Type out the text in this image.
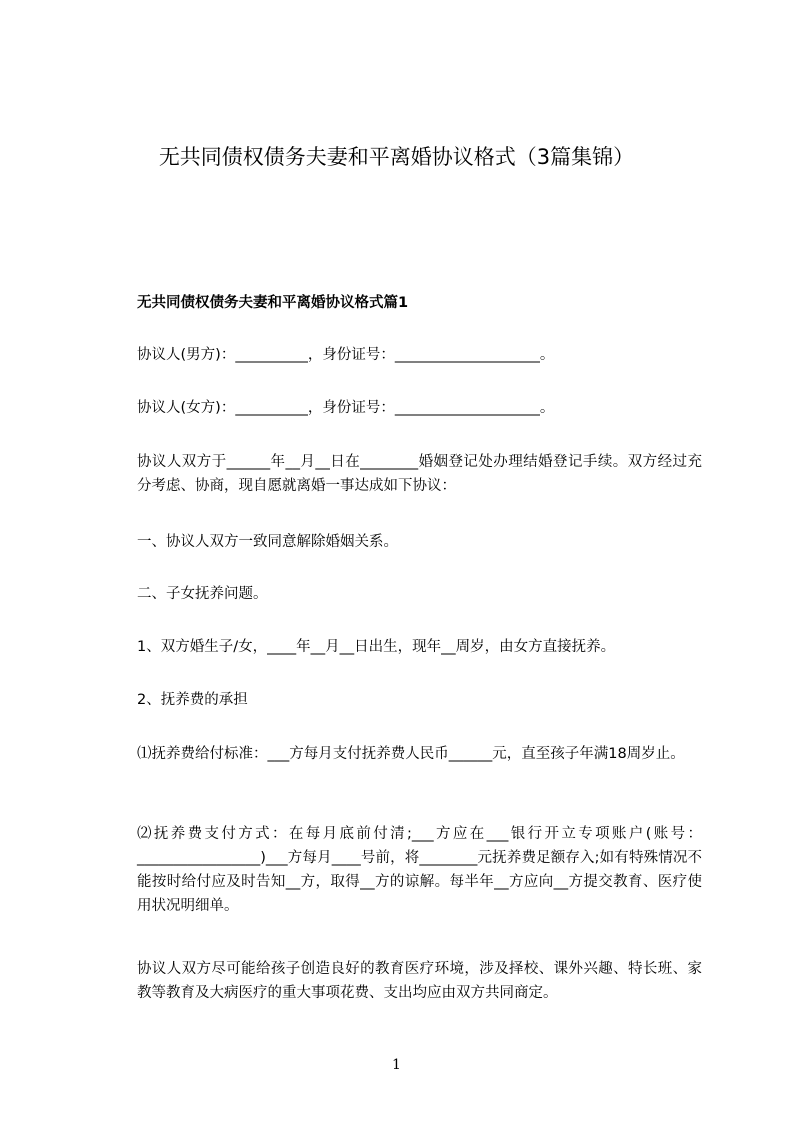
无共同债权债务夫妻和平离婚协议格式（3篇集锦）
无共同债权债务夫妻和平离婚协议格式篇1
协议人(男方)：__________，身份证号：____________________。
协议人(女方)：__________，身份证号：____________________。
协议人双方于______年__月__日在________婚姻登记处办理结婚登记手续。双方经过充分考虑、协商，现自愿就离婚一事达成如下协议：
一、协议人双方一致同意解除婚姻关系。
二、子女抚养问题。
1、双方婚生子/女，____年__月__日出生，现年__周岁，由女方直接抚养。
2、抚养费的承担
⑴抚养费给付标准：___方每月支付抚养费人民币______元，直至孩子年满18周岁止。
⑵抚养费支付方式：在每月底前付清;___方应在___银行开立专项账户(账号：_________________)___方每月____号前，将________元抚养费足额存入;如有特殊情况不能按时给付应及时告知__方，取得__方的谅解。每半年__方应向__方提交教育、医疗使用状况明细单。
协议人双方尽可能给孩子创造良好的教育医疗环境，涉及择校、课外兴趣、特长班、家教等教育及大病医疗的重大事项花费、支出均应由双方共同商定。
1
